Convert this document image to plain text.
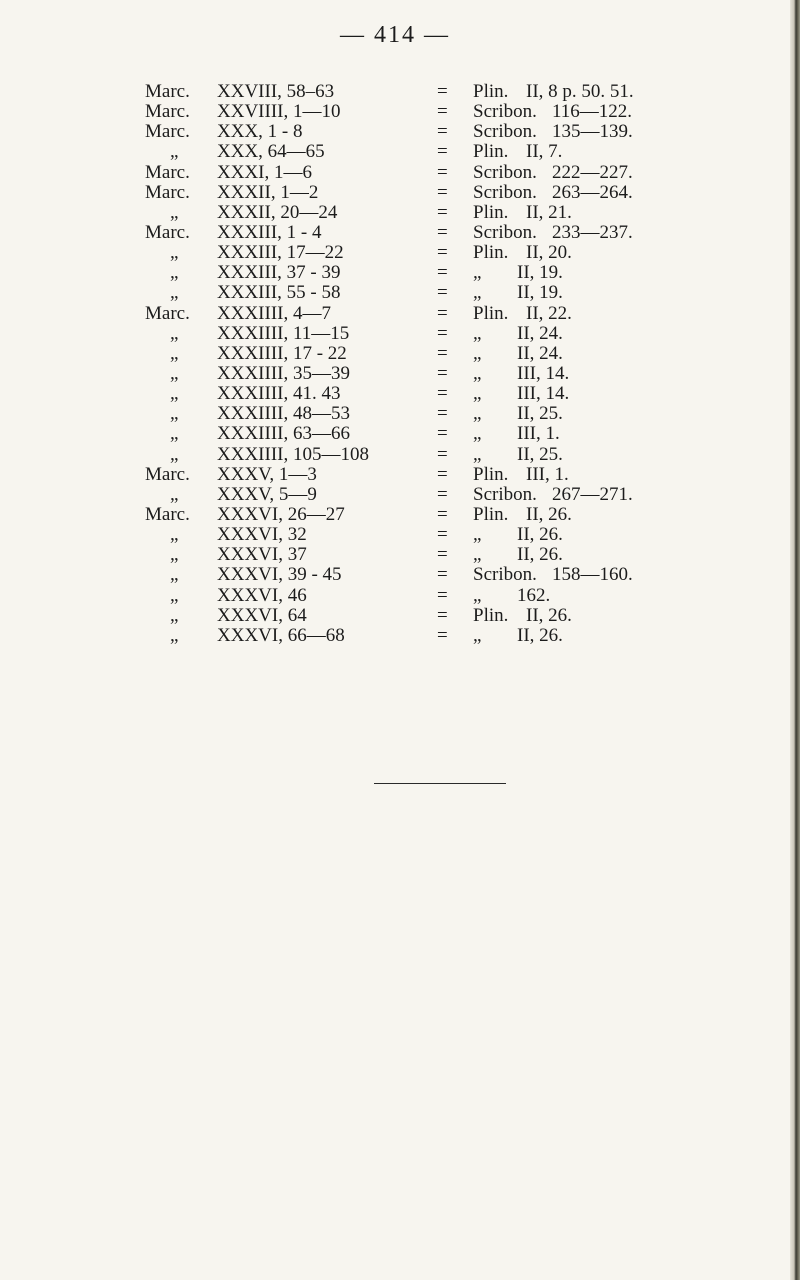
— 414 —
Marc. XXVIII, 58–63	= Plin. II, 8 p. 50. 51.
Marc. XXVIIII, 1—10	= Scribon. 116—122.
Marc. XXX, 1 - 8	= Scribon. 135—139.
„ XXX, 64—65	= Plin. II, 7.
Marc. XXXI, 1—6	= Scribon. 222—227.
Marc. XXXII, 1—2	= Scribon. 263—264.
„ XXXII, 20—24	= Plin. II, 21.
Marc. XXXIII, 1 - 4	= Scribon. 233—237.
„ XXXIII, 17—22	= Plin. II, 20.
„ XXXIII, 37 - 39	= „ II, 19.
„ XXXIII, 55 - 58	= „ II, 19.
Marc. XXXIIII, 4—7	= Plin. II, 22.
„ XXXIIII, 11—15	= „ II, 24.
„ XXXIIII, 17 - 22	= „ II, 24.
„ XXXIIII, 35—39	= „ III, 14.
„ XXXIIII, 41. 43	= „ III, 14.
„ XXXIIII, 48—53	= „ II, 25.
„ XXXIIII, 63—66	= „ III, 1.
„ XXXIIII, 105—108	= „ II, 25.
Marc. XXXV, 1—3	= Plin. III, 1.
„ XXXV, 5—9	= Scribon. 267—271.
Marc. XXXVI, 26—27	= Plin. II, 26.
„ XXXVI, 32	= „ II, 26.
„ XXXVI, 37	= „ II, 26.
„ XXXVI, 39 - 45	= Scribon. 158—160.
„ XXXVI, 46	= „ 162.
„ XXXVI, 64	= Plin. II, 26.
„ XXXVI, 66—68	= „ II, 26.
